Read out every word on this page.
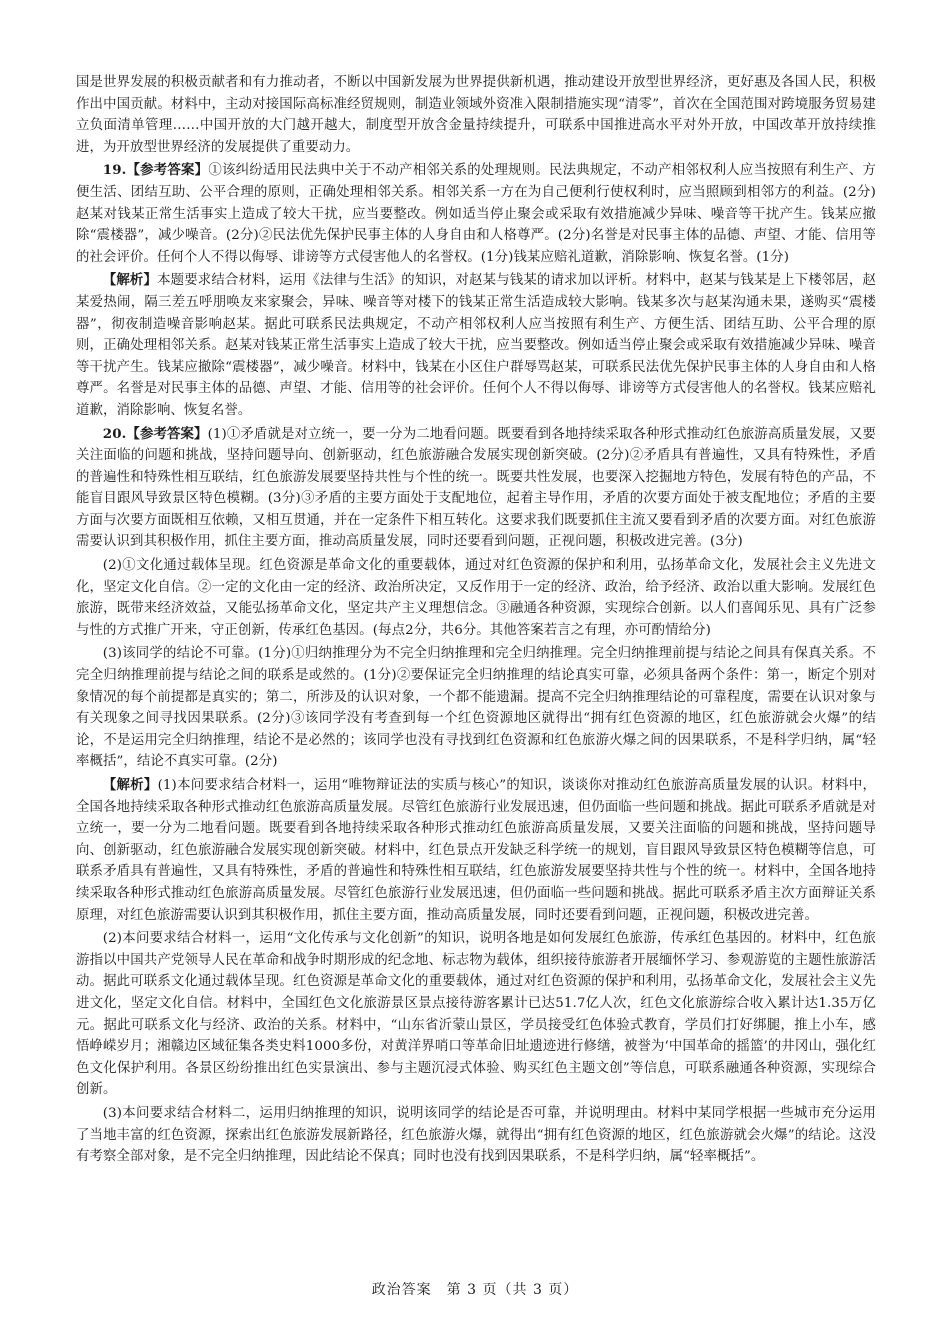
国是世界发展的积极贡献者和有力推动者，不断以中国新发展为世界提供新机遇，推动建设开放型世界经济，更好惠及各国人民，积极作出中国贡献。材料中，主动对接国际高标准经贸规则，制造业领域外资准入限制措施实现“清零”，首次在全国范围对跨境服务贸易建立负面清单管理……中国开放的大门越开越大，制度型开放含金量持续提升，可联系中国推进高水平对外开放，中国改革开放持续推进，为开放型世界经济的发展提供了重要动力。

19.【参考答案】①该纠纷适用民法典中关于不动产相邻关系的处理规则。民法典规定，不动产相邻权利人应当按照有利生产、方便生活、团结互助、公平合理的原则，正确处理相邻关系。相邻关系一方在为自己便利行使权利时，应当照顾到相邻方的利益。(2分)赵某对钱某正常生活事实上造成了较大干扰，应当要整改。例如适当停止聚会或采取有效措施减少异味、噪音等干扰产生。钱某应撤除“震楼器”，减少噪音。(2分)②民法优先保护民事主体的人身自由和人格尊严。(2分)名誉是对民事主体的品德、声望、才能、信用等的社会评价。任何个人不得以侮辱、诽谤等方式侵害他人的名誉权。(1分)钱某应赔礼道歉，消除影响、恢复名誉。(1分)

【解析】本题要求结合材料，运用《法律与生活》的知识，对赵某与钱某的请求加以评析。材料中，赵某与钱某是上下楼邻居，赵某爱热闹，隔三差五呼朋唤友来家聚会，异味、噪音等对楼下的钱某正常生活造成较大影响。钱某多次与赵某沟通未果，遂购买“震楼器”，彻夜制造噪音影响赵某。据此可联系民法典规定，不动产相邻权利人应当按照有利生产、方便生活、团结互助、公平合理的原则，正确处理相邻关系。赵某对钱某正常生活事实上造成了较大干扰，应当要整改。例如适当停止聚会或采取有效措施减少异味、噪音等干扰产生。钱某应撤除“震楼器”，减少噪音。材料中，钱某在小区住户群辱骂赵某，可联系民法优先保护民事主体的人身自由和人格尊严。名誉是对民事主体的品德、声望、才能、信用等的社会评价。任何个人不得以侮辱、诽谤等方式侵害他人的名誉权。钱某应赔礼道歉，消除影响、恢复名誉。

20.【参考答案】(1)①矛盾就是对立统一，要一分为二地看问题。既要看到各地持续采取各种形式推动红色旅游高质量发展，又要关注面临的问题和挑战，坚持问题导向、创新驱动，红色旅游融合发展实现创新突破。(2分)②矛盾具有普遍性，又具有特殊性，矛盾的普遍性和特殊性相互联结，红色旅游发展要坚持共性与个性的统一。既要共性发展，也要深入挖掘地方特色，发展有特色的产品，不能盲目跟风导致景区特色模糊。(3分)③矛盾的主要方面处于支配地位，起着主导作用，矛盾的次要方面处于被支配地位；矛盾的主要方面与次要方面既相互依赖，又相互贯通，并在一定条件下相互转化。这要求我们既要抓住主流又要看到矛盾的次要方面。对红色旅游需要认识到其积极作用，抓住主要方面，推动高质量发展，同时还要看到问题，正视问题，积极改进完善。(3分)

(2)①文化通过载体呈现。红色资源是革命文化的重要载体，通过对红色资源的保护和利用，弘扬革命文化，发展社会主义先进文化，坚定文化自信。②一定的文化由一定的经济、政治所决定，又反作用于一定的经济、政治，给予经济、政治以重大影响。发展红色旅游，既带来经济效益，又能弘扬革命文化，坚定共产主义理想信念。③融通各种资源，实现综合创新。以人们喜闻乐见、具有广泛参与性的方式推广开来，守正创新，传承红色基因。(每点2分，共6分。其他答案若言之有理，亦可酌情给分)

(3)该同学的结论不可靠。(1分)①归纳推理分为不完全归纳推理和完全归纳推理。完全归纳推理前提与结论之间具有保真关系。不完全归纳推理前提与结论之间的联系是或然的。(1分)②要保证完全归纳推理的结论真实可靠，必须具备两个条件：第一，断定个别对象情况的每个前提都是真实的；第二，所涉及的认识对象，一个都不能遗漏。提高不完全归纳推理结论的可靠程度，需要在认识对象与有关现象之间寻找因果联系。(2分)③该同学没有考查到每一个红色资源地区就得出“拥有红色资源的地区，红色旅游就会火爆”的结论，不是运用完全归纳推理，结论不是必然的；该同学也没有寻找到红色资源和红色旅游火爆之间的因果联系，不是科学归纳，属“轻率概括”，结论不真实可靠。(2分)

【解析】(1)本问要求结合材料一，运用“唯物辩证法的实质与核心”的知识，谈谈你对推动红色旅游高质量发展的认识。材料中，全国各地持续采取各种形式推动红色旅游高质量发展。尽管红色旅游行业发展迅速，但仍面临一些问题和挑战。据此可联系矛盾就是对立统一，要一分为二地看问题。既要看到各地持续采取各种形式推动红色旅游高质量发展，又要关注面临的问题和挑战，坚持问题导向、创新驱动，红色旅游融合发展实现创新突破。材料中，红色景点开发缺乏科学统一的规划，盲目跟风导致景区特色模糊等信息，可联系矛盾具有普遍性，又具有特殊性，矛盾的普遍性和特殊性相互联结，红色旅游发展要坚持共性与个性的统一。材料中，全国各地持续采取各种形式推动红色旅游高质量发展。尽管红色旅游行业发展迅速，但仍面临一些问题和挑战。据此可联系矛盾主次方面辩证关系原理，对红色旅游需要认识到其积极作用，抓住主要方面，推动高质量发展，同时还要看到问题，正视问题，积极改进完善。

(2)本问要求结合材料一，运用“文化传承与文化创新”的知识，说明各地是如何发展红色旅游，传承红色基因的。材料中，红色旅游指以中国共产党领导人民在革命和战争时期形成的纪念地、标志物为载体，组织接待旅游者开展缅怀学习、参观游览的主题性旅游活动。据此可联系文化通过载体呈现。红色资源是革命文化的重要载体，通过对红色资源的保护和利用，弘扬革命文化，发展社会主义先进文化，坚定文化自信。材料中，全国红色文化旅游景区景点接待游客累计已达51.7亿人次，红色文化旅游综合收入累计达1.35万亿元。据此可联系文化与经济、政治的关系。材料中，“山东省沂蒙山景区，学员接受红色体验式教育，学员们打好绑腿，推上小车，感悟峥嵘岁月；湘赣边区域征集各类史料1000多份，对黄洋界哨口等革命旧址遗迹进行修缮，被誉为‘中国革命的摇篮’的井冈山，强化红色文化保护利用。各景区纷纷推出红色实景演出、参与主题沉浸式体验、购买红色主题文创”等信息，可联系融通各种资源，实现综合创新。

(3)本问要求结合材料二，运用归纳推理的知识，说明该同学的结论是否可靠，并说明理由。材料中某同学根据一些城市充分运用了当地丰富的红色资源，探索出红色旅游发展新路径，红色旅游火爆，就得出“拥有红色资源的地区，红色旅游就会火爆”的结论。这没有考察全部对象，是不完全归纳推理，因此结论不保真；同时也没有找到因果联系，不是科学归纳，属“轻率概括”。

政治答案　第 3 页（共 3 页）
